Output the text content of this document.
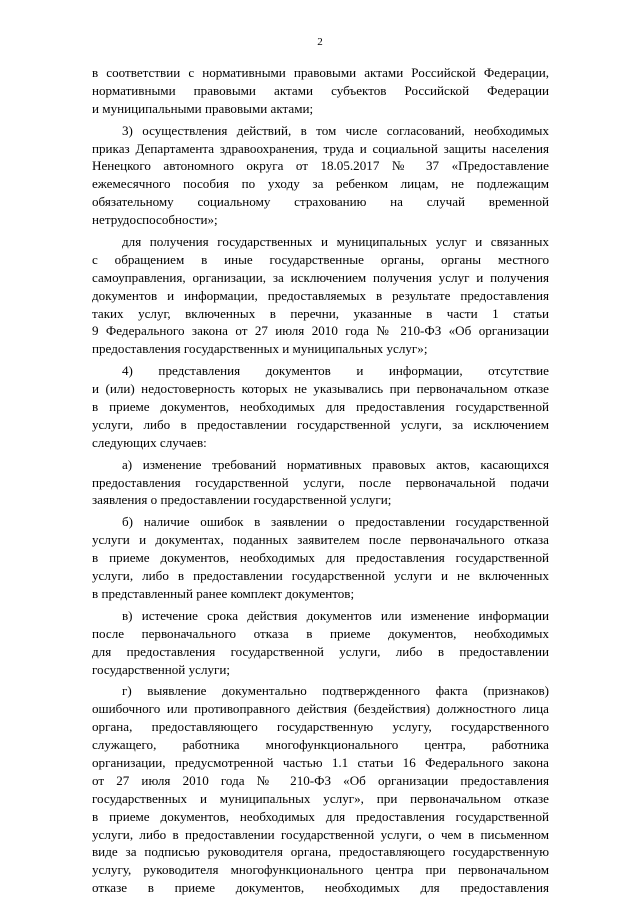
2
в соответствии с нормативными правовыми актами Российской Федерации,
нормативными правовыми актами субъектов Российской Федерации
и муниципальными правовыми актами;
3) осуществления действий, в том числе согласований, необходимых
приказ Департамента здравоохранения, труда и социальной защиты населения
Ненецкого автономного округа от 18.05.2017 № 37 «Предоставление
ежемесячного пособия по уходу за ребенком лицам, не подлежащим
обязательному социальному страхованию на случай временной
нетрудоспособности»;
для получения государственных и муниципальных услуг и связанных
с обращением в иные государственные органы, органы местного
самоуправления, организации, за исключением получения услуг и получения
документов и информации, предоставляемых в результате предоставления
таких услуг, включенных в перечни, указанные в части 1 статьи
9 Федерального закона от 27 июля 2010 года № 210-ФЗ «Об организации
предоставления государственных и муниципальных услуг»;
4) представления документов и информации, отсутствие
и (или) недостоверность которых не указывались при первоначальном отказе
в приеме документов, необходимых для предоставления государственной
услуги, либо в предоставлении государственной услуги, за исключением
следующих случаев:
а) изменение требований нормативных правовых актов, касающихся
предоставления государственной услуги, после первоначальной подачи
заявления о предоставлении государственной услуги;
б) наличие ошибок в заявлении о предоставлении государственной
услуги и документах, поданных заявителем после первоначального отказа
в приеме документов, необходимых для предоставления государственной
услуги, либо в предоставлении государственной услуги и не включенных
в представленный ранее комплект документов;
в) истечение срока действия документов или изменение информации
после первоначального отказа в приеме документов, необходимых
для предоставления государственной услуги, либо в предоставлении
государственной услуги;
г) выявление документально подтвержденного факта (признаков)
ошибочного или противоправного действия (бездействия) должностного лица
органа, предоставляющего государственную услугу, государственного
служащего, работника многофункционального центра, работника
организации, предусмотренной частью 1.1 статьи 16 Федерального закона
от 27 июля 2010 года № 210-ФЗ «Об организации предоставления
государственных и муниципальных услуг», при первоначальном отказе
в приеме документов, необходимых для предоставления государственной
услуги, либо в предоставлении государственной услуги, о чем в письменном
виде за подписью руководителя органа, предоставляющего государственную
услугу, руководителя многофункционального центра при первоначальном
отказе в приеме документов, необходимых для предоставления
